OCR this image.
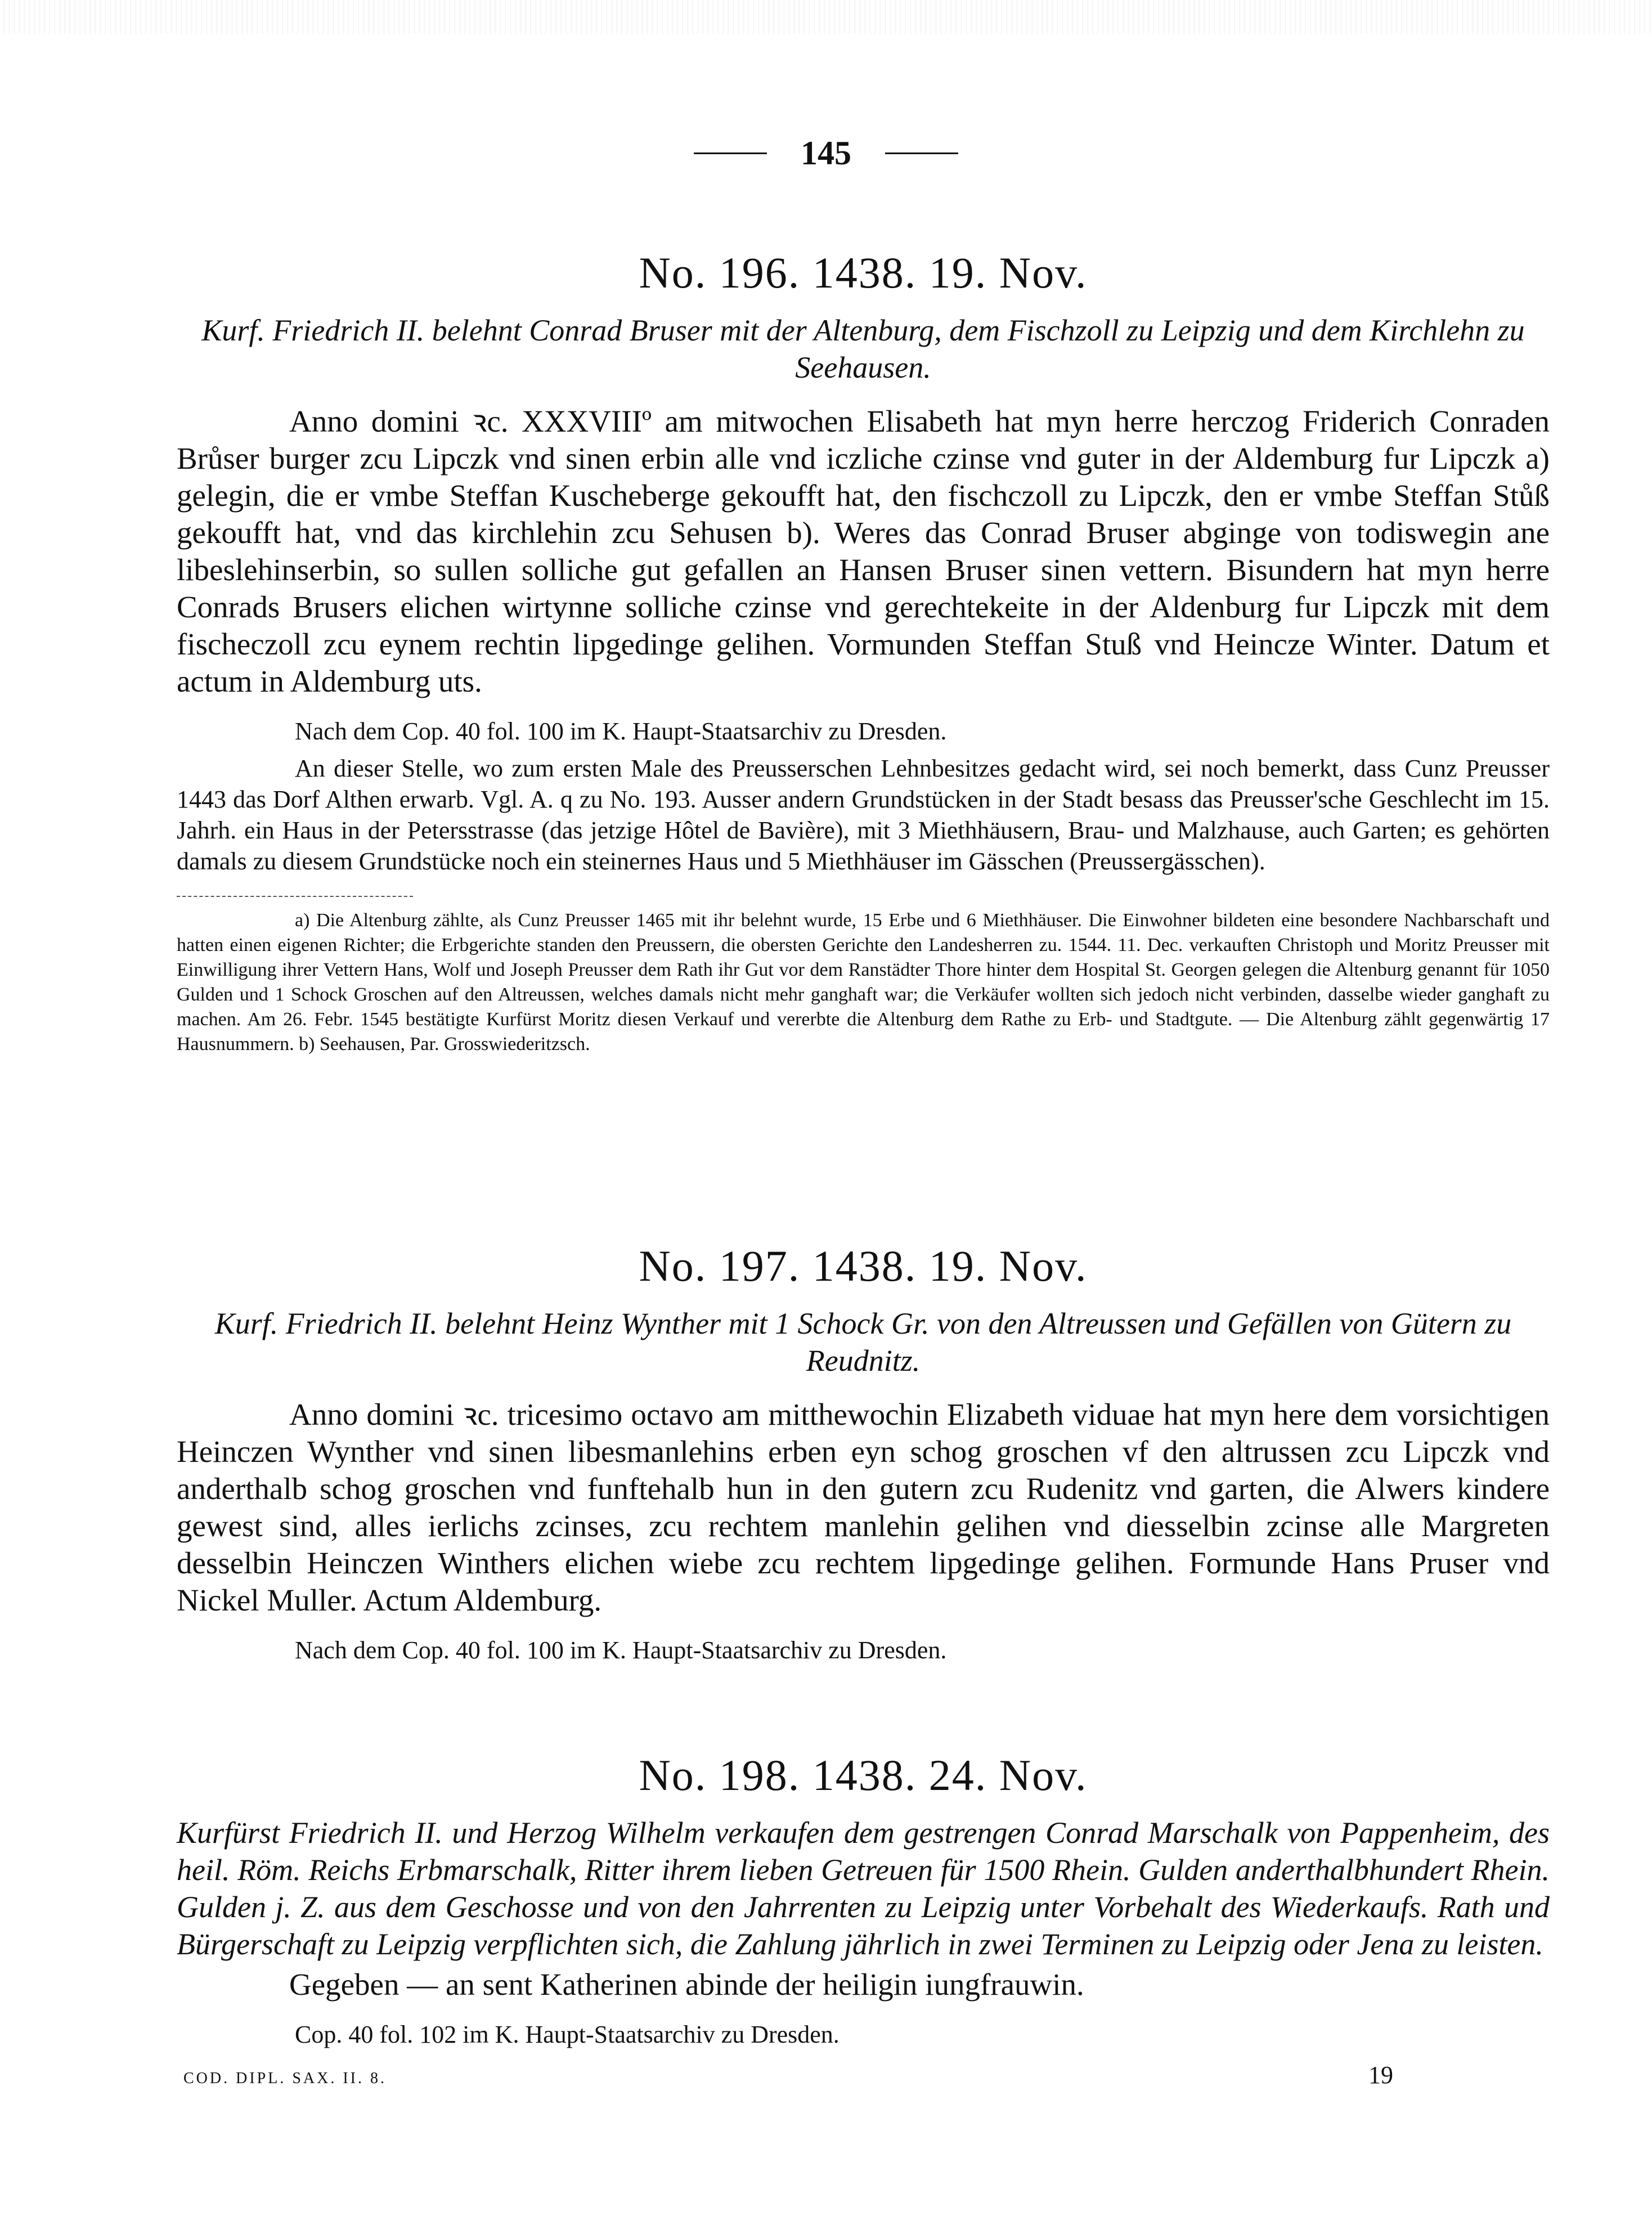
145
No. 196. 1438. 19. Nov.

Kurf. Friedrich II. belehnt Conrad Bruser mit der Altenburg, dem Fischzoll zu Leipzig und dem Kirchlehn zu Seehausen.

Anno domini ꝛc. XXXVIIIº am mitwochen Elisabeth hat myn herre herczog Friderich Conraden Brůser burger zcu Lipczk vnd sinen erbin alle vnd iczliche czinse vnd guter in der Aldemburg fur Lipczk a) gelegin, die er vmbe Steffan Kuscheberge gekoufft hat, den fischczoll zu Lipczk, den er vmbe Steffan Stůß gekoufft hat, vnd das kirchlehin zcu Sehusen b). Weres das Conrad Bruser abginge von todiswegin ane libeslehinserbin, so sullen solliche gut gefallen an Hansen Bruser sinen vettern. Bisundern hat myn herre Conrads Brusers elichen wirtynne solliche czinse vnd gerechtekeite in der Aldenburg fur Lipczk mit dem fischeczoll zcu eynem rechtin lipgedinge gelihen. Vormunden Steffan Stuß vnd Heincze Winter. Datum et actum in Aldemburg uts.

Nach dem Cop. 40 fol. 100 im K. Haupt-Staatsarchiv zu Dresden.

An dieser Stelle, wo zum ersten Male des Preusserschen Lehnbesitzes gedacht wird, sei noch bemerkt, dass Cunz Preusser 1443 das Dorf Althen erwarb. Vgl. A. q zu No. 193. Ausser andern Grundstücken in der Stadt besass das Preusser'sche Geschlecht im 15. Jahrh. ein Haus in der Petersstrasse (das jetzige Hôtel de Bavière), mit 3 Miethhäusern, Brau- und Malzhause, auch Garten; es gehörten damals zu diesem Grundstücke noch ein steinernes Haus und 5 Miethhäuser im Gässchen (Preussergässchen).

a) Die Altenburg zählte, als Cunz Preusser 1465 mit ihr belehnt wurde, 15 Erbe und 6 Miethhäuser. Die Einwohner bildeten eine besondere Nachbarschaft und hatten einen eigenen Richter; die Erbgerichte standen den Preussern, die obersten Gerichte den Landesherren zu. 1544. 11. Dec. verkauften Christoph und Moritz Preusser mit Einwilligung ihrer Vettern Hans, Wolf und Joseph Preusser dem Rath ihr Gut vor dem Ranstädter Thore hinter dem Hospital St. Georgen gelegen die Altenburg genannt für 1050 Gulden und 1 Schock Groschen auf den Altreussen, welches damals nicht mehr ganghaft war; die Verkäufer wollten sich jedoch nicht verbinden, dasselbe wieder ganghaft zu machen. Am 26. Febr. 1545 bestätigte Kurfürst Moritz diesen Verkauf und vererbte die Altenburg dem Rathe zu Erb- und Stadtgute. — Die Altenburg zählt gegenwärtig 17 Hausnummern. b) Seehausen, Par. Grosswiederitzsch.

No. 197. 1438. 19. Nov.

Kurf. Friedrich II. belehnt Heinz Wynther mit 1 Schock Gr. von den Altreussen und Gefällen von Gütern zu Reudnitz.

Anno domini ꝛc. tricesimo octavo am mitthewochin Elizabeth viduae hat myn here dem vorsichtigen Heinczen Wynther vnd sinen libesmanlehins erben eyn schog groschen vf den altrussen zcu Lipczk vnd anderthalb schog groschen vnd funftehalb hun in den gutern zcu Rudenitz vnd garten, die Alwers kindere gewest sind, alles ierlichs zcinses, zcu rechtem manlehin gelihen vnd diesselbin zcinse alle Margreten desselbin Heinczen Winthers elichen wiebe zcu rechtem lipgedinge gelihen. Formunde Hans Pruser vnd Nickel Muller. Actum Aldemburg.

Nach dem Cop. 40 fol. 100 im K. Haupt-Staatsarchiv zu Dresden.

No. 198. 1438. 24. Nov.

Kurfürst Friedrich II. und Herzog Wilhelm verkaufen dem gestrengen Conrad Marschalk von Pappenheim, des heil. Röm. Reichs Erbmarschalk, Ritter ihrem lieben Getreuen für 1500 Rhein. Gulden anderthalbhundert Rhein. Gulden j. Z. aus dem Geschosse und von den Jahrrenten zu Leipzig unter Vorbehalt des Wiederkaufs. Rath und Bürgerschaft zu Leipzig verpflichten sich, die Zahlung jährlich in zwei Terminen zu Leipzig oder Jena zu leisten.

Gegeben — an sent Katherinen abinde der heiligin iungfrauwin.

Cop. 40 fol. 102 im K. Haupt-Staatsarchiv zu Dresden.

COD. DIPL. SAX. II. 8.	19
